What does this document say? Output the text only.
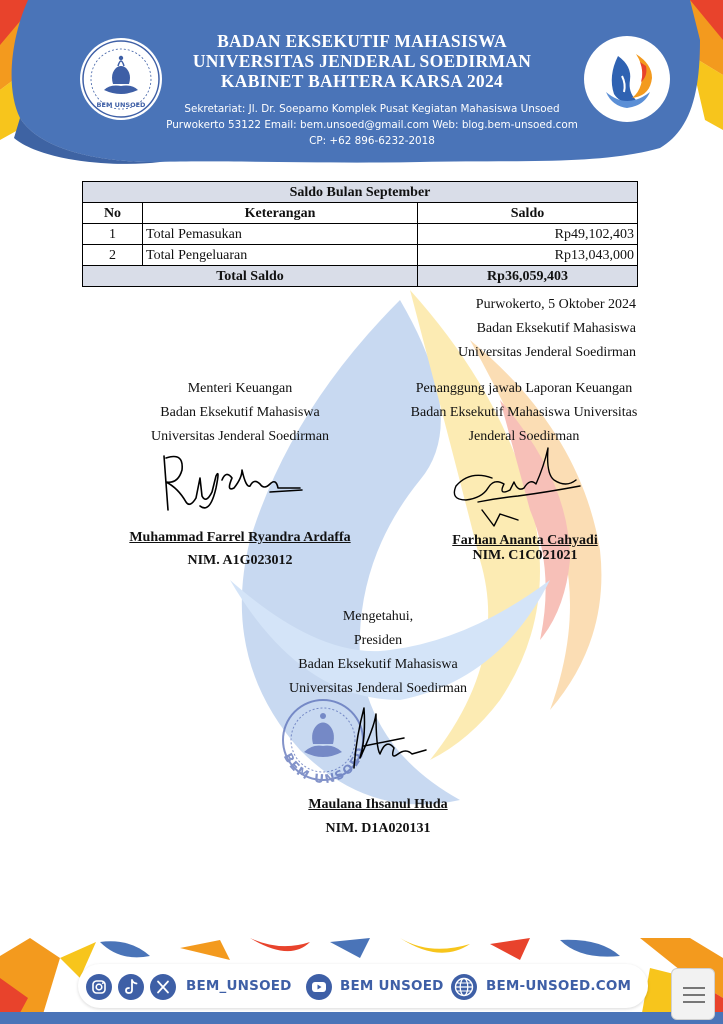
BEM UNSOED
BADAN EKSEKUTIF MAHASISWA
UNIVERSITAS JENDERAL SOEDIRMAN
KABINET BAHTERA KARSA 2024
Sekretariat: Jl. Dr. Soeparno Komplek Pusat Kegiatan Mahasiswa Unsoed
Purwokerto 53122 Email: bem.unsoed@gmail.com Web: blog.bem-unsoed.com
CP: +62 896-6232-2018
Saldo Bulan September		
No	Keterangan	Saldo
1	Total Pemasukan	Rp49,102,403
2	Total Pengeluaran	Rp13,043,000
Total Saldo		Rp36,059,403
Purwokerto, 5 Oktober 2024
Badan Eksekutif Mahasiswa
Universitas Jenderal Soedirman
Menteri Keuangan
Badan Eksekutif Mahasiswa
Universitas Jenderal Soedirman
Muhammad Farrel Ryandra Ardaffa
NIM. A1G023012
Penanggung jawab Laporan Keuangan
Badan Eksekutif Mahasiswa Universitas
Jenderal Soedirman
Farhan Ananta Cahyadi
NIM. C1C021021
Mengetahui,
Presiden
Badan Eksekutif Mahasiswa
Universitas Jenderal Soedirman
BEM UNSOED
Maulana Ihsanul Huda
NIM. D1A020131
BEM_UNSOED	BEM UNSOED	BEM-UNSOED.COM
